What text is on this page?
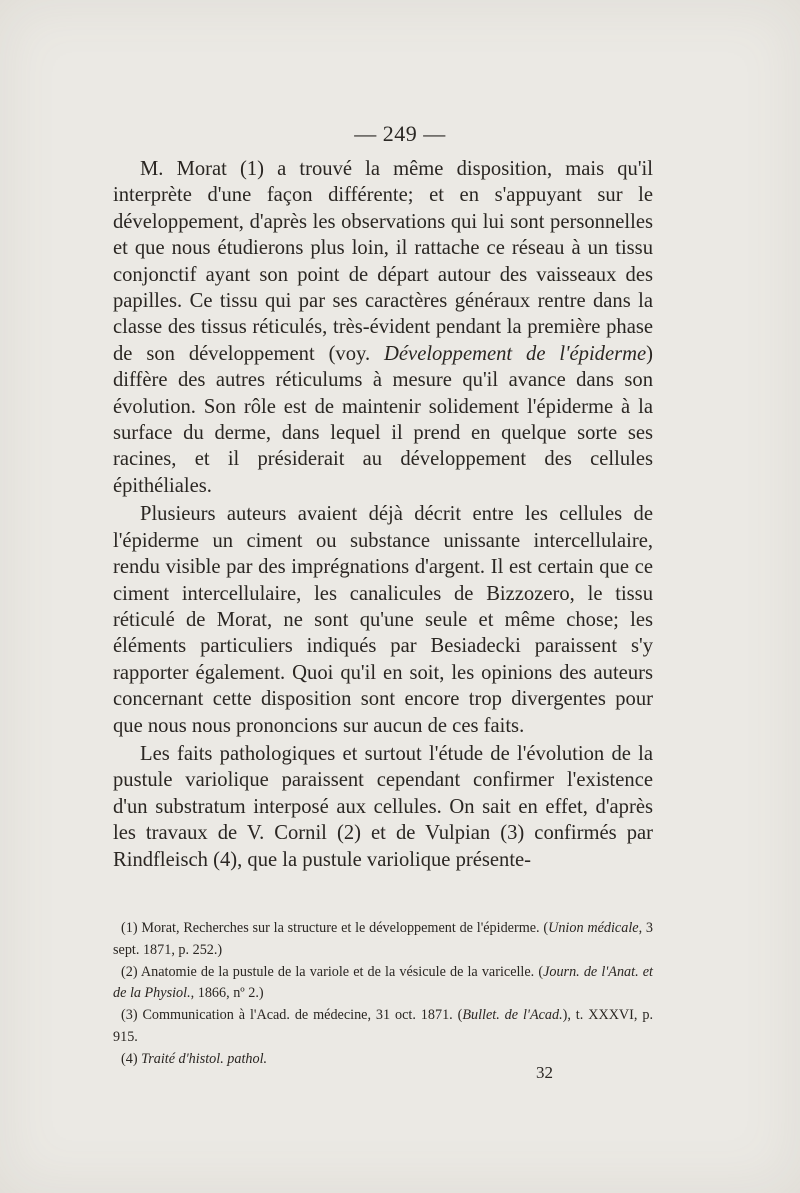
— 249 —

M. Morat (1) a trouvé la même disposition, mais qu'il interprète d'une façon différente; et en s'appuyant sur le développement, d'après les observations qui lui sont personnelles et que nous étudierons plus loin, il rattache ce réseau à un tissu conjonctif ayant son point de départ autour des vaisseaux des papilles. Ce tissu qui par ses caractères généraux rentre dans la classe des tissus réticulés, très-évident pendant la première phase de son développement (voy. Développement de l'épiderme) diffère des autres réticulums à mesure qu'il avance dans son évolution. Son rôle est de maintenir solidement l'épiderme à la surface du derme, dans lequel il prend en quelque sorte ses racines, et il présiderait au développement des cellules épithéliales.

Plusieurs auteurs avaient déjà décrit entre les cellules de l'épiderme un ciment ou substance unissante intercellulaire, rendu visible par des imprégnations d'argent. Il est certain que ce ciment intercellulaire, les canalicules de Bizzozero, le tissu réticulé de Morat, ne sont qu'une seule et même chose; les éléments particuliers indiqués par Besiadecki paraissent s'y rapporter également. Quoi qu'il en soit, les opinions des auteurs concernant cette disposition sont encore trop divergentes pour que nous nous prononcions sur aucun de ces faits.

Les faits pathologiques et surtout l'étude de l'évolution de la pustule variolique paraissent cependant confirmer l'existence d'un substratum interposé aux cellules. On sait en effet, d'après les travaux de V. Cornil (2) et de Vulpian (3) confirmés par Rindfleisch (4), que la pustule variolique présente-

(1) Morat, Recherches sur la structure et le développement de l'épiderme. (Union médicale, 3 sept. 1871, p. 252.)

(2) Anatomie de la pustule de la variole et de la vésicule de la varicelle. (Journ. de l'Anat. et de la Physiol., 1866, nº 2.)

(3) Communication à l'Acad. de médecine, 31 oct. 1871. (Bullet. de l'Acad.), t. XXXVI, p. 915.

(4) Traité d'histol. pathol.

32
